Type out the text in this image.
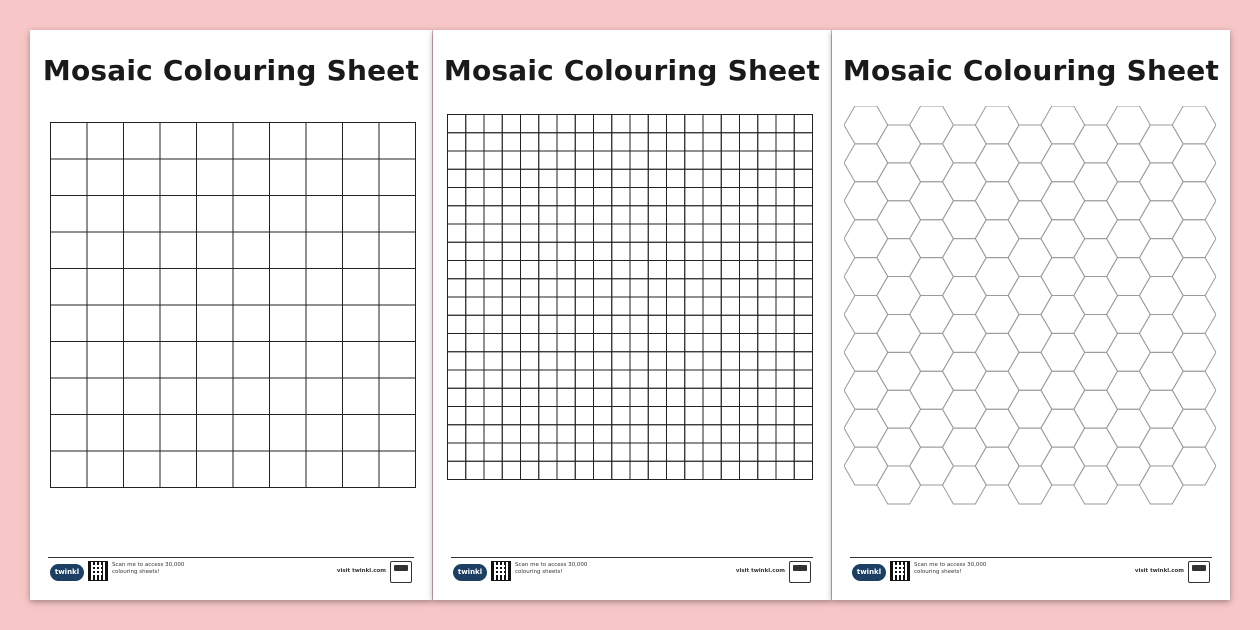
Mosaic Colouring Sheet
twinkl
Scan me to access 30,000 colouring sheets!	visit twinkl.com
Mosaic Colouring Sheet
twinkl
Scan me to access 30,000 colouring sheets!	visit twinkl.com
Mosaic Colouring Sheet
twinkl
Scan me to access 30,000 colouring sheets!	visit twinkl.com
